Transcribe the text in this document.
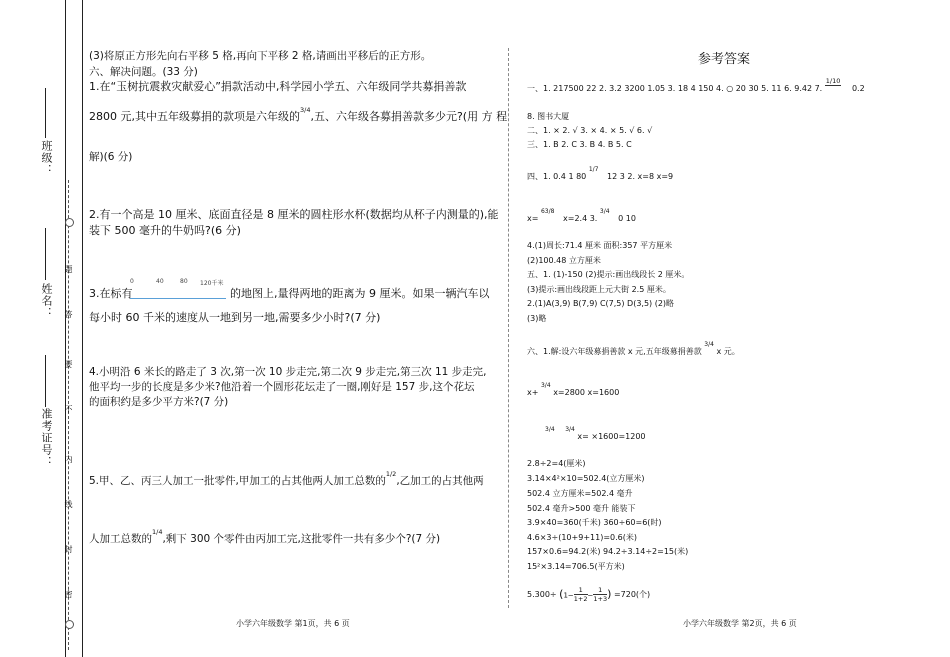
班级：
姓名：
准考证号：
密
封
线
内
不
要
答
题
(3)将原正方形先向右平移 5 格,再向下平移 2 格,请画出平移后的正方形。
六、解决问题。(33 分)
1.在“玉树抗震救灾献爱心”捐款活动中,科学园小学五、六年级同学共募捐善款
2800 元,其中五年级募捐的款项是六年级的$^{3/4}$,五、六年级各募捐善款多少元?(用 方 程
解)(6 分)
2.有一个高是 10 厘米、底面直径是 8 厘米的圆柱形水杯(数据均从杯子内测量的),能
装下 500 毫升的牛奶吗?(6 分)
3.在标有
0	40	80 120千米
的地图上,量得两地的距离为 9 厘米。如果一辆汽车以
每小时 60 千米的速度从一地到另一地,需要多少小时?(7 分)
4.小明沿 6 米长的路走了 3 次,第一次 10 步走完,第二次 9 步走完,第三次 11 步走完,
他平均一步的长度是多少米?他沿着一个圆形花坛走了一圈,刚好是 157 步,这个花坛
的面积约是多少平方米?(7 分)
5.甲、乙、丙三人加工一批零件,甲加工的占其他两人加工总数的$^{1/2}$,乙加工的占其他两
人加工总数的$^{1/4}$,剩下 300 个零件由丙加工完,这批零件一共有多少个?(7 分)
小学六年级数学 第1页，共 6 页
参考答案
一、1. 217500 22 2. 3.2 3200 1.05 3. 18 4 150 4. ○ 20 30 5. 11 6. 9.42 7.
1/10
0.2
8. 图书大厦
二、1. × 2. √ 3. × 4. × 5. √ 6. √
三、1. B 2. C 3. B 4. B 5. C
四、1. 0.4 1 80 $^{1/7}$ 12 3 2. x=8 x=9
x= $^{63/8}$ x=2.4 3. $^{3/4}$ 0 10
4.(1)周长:71.4 厘米 面积:357 平方厘米
(2)100.48 立方厘米
五、1. (1)-150 (2)提示:画出线段长 2 厘米。
(3)提示:画出线段距上元大街 2.5 厘米。
2.(1)A(3,9) B(7,9) C(7,5) D(3,5) (2)略
(3)略
六、1.解:设六年级募捐善款 x 元,五年级募捐善款 $^{3/4}$ x 元。
x+ $^{3/4}$ x=2800 x=1600
$^{3/4}$ $^{3/4}$ x= ×1600=1200
2.8÷2=4(厘米)
3.14×4²×10=502.4(立方厘米)
502.4 立方厘米=502.4 毫升
502.4 毫升>500 毫升 能装下
3.9×40=360(千米) 360÷60=6(时)
4.6×3÷(10+9+11)=0.6(米)
157×0.6=94.2(米) 94.2÷3.14÷2=15(米)
15²×3.14=706.5(平方米)
5.300÷ (1−
1
1+2−
1
1+3) =720(个)
小学六年级数学 第2页，共 6 页
